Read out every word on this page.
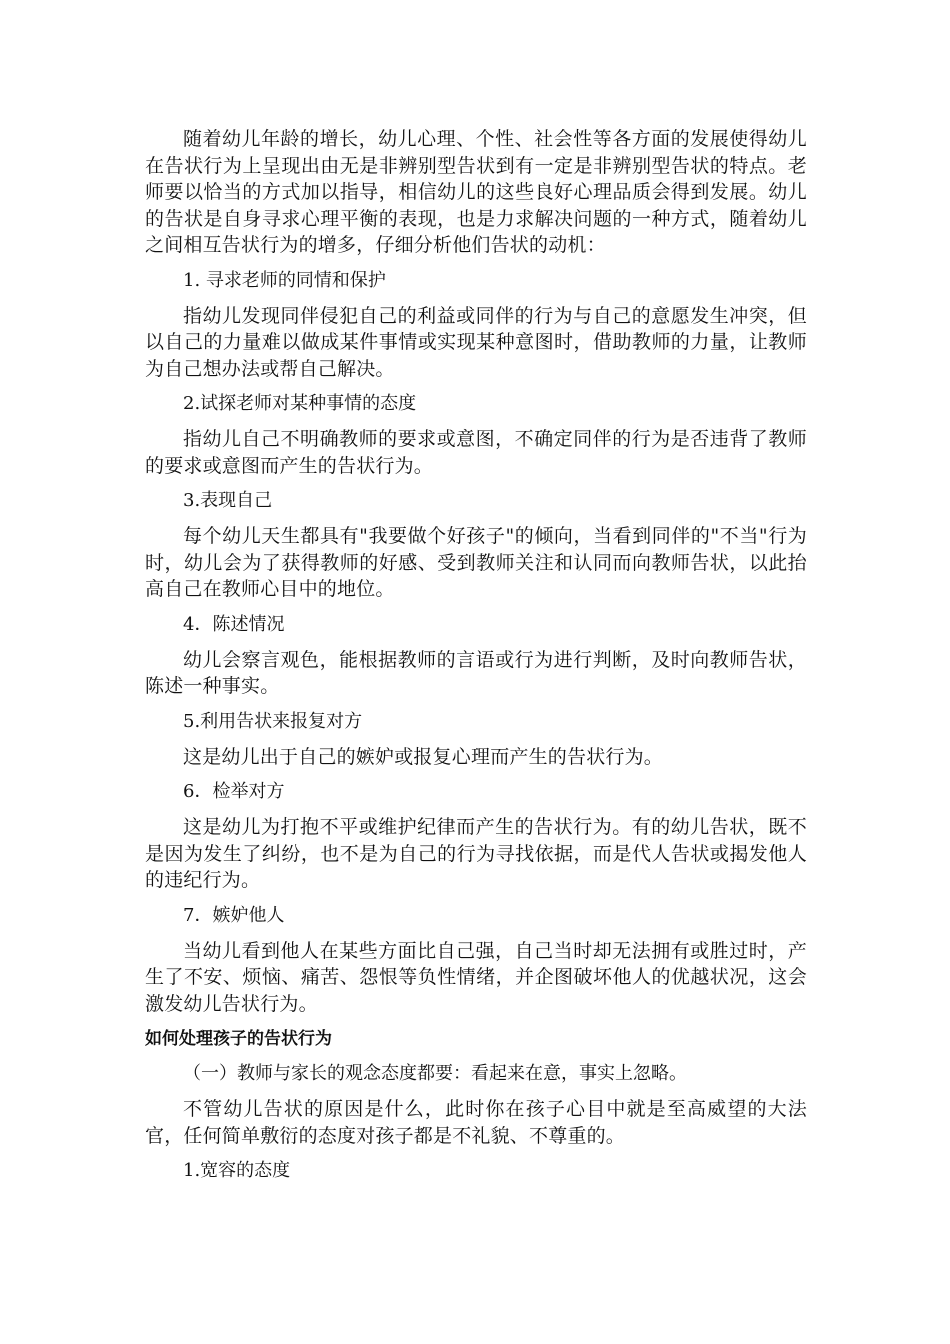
随着幼儿年龄的增长，幼儿心理、个性、社会性等各方面的发展使得幼儿在告状行为上呈现出由无是非辨别型告状到有一定是非辨别型告状的特点。老师要以恰当的方式加以指导，相信幼儿的这些良好心理品质会得到发展。幼儿的告状是自身寻求心理平衡的表现，也是力求解决问题的一种方式，随着幼儿之间相互告状行为的增多，仔细分析他们告状的动机：

1. 寻求老师的同情和保护

指幼儿发现同伴侵犯自己的利益或同伴的行为与自己的意愿发生冲突，但以自己的力量难以做成某件事情或实现某种意图时，借助教师的力量，让教师为自己想办法或帮自己解决。

2.试探老师对某种事情的态度

指幼儿自己不明确教师的要求或意图，不确定同伴的行为是否违背了教师的要求或意图而产生的告状行为。

3.表现自己

每个幼儿天生都具有"我要做个好孩子"的倾向，当看到同伴的"不当"行为时，幼儿会为了获得教师的好感、受到教师关注和认同而向教师告状，以此抬高自己在教师心目中的地位。

4．陈述情况

幼儿会察言观色，能根据教师的言语或行为进行判断，及时向教师告状，陈述一种事实。

5.利用告状来报复对方

这是幼儿出于自己的嫉妒或报复心理而产生的告状行为。

6．检举对方

这是幼儿为打抱不平或维护纪律而产生的告状行为。有的幼儿告状，既不是因为发生了纠纷，也不是为自己的行为寻找依据，而是代人告状或揭发他人的违纪行为。

7．嫉妒他人

当幼儿看到他人在某些方面比自己强，自己当时却无法拥有或胜过时，产生了不安、烦恼、痛苦、怨恨等负性情绪，并企图破坏他人的优越状况，这会激发幼儿告状行为。

如何处理孩子的告状行为

（一）教师与家长的观念态度都要：看起来在意，事实上忽略。

不管幼儿告状的原因是什么，此时你在孩子心目中就是至高威望的大法官，任何简单敷衍的态度对孩子都是不礼貌、不尊重的。

1.宽容的态度
